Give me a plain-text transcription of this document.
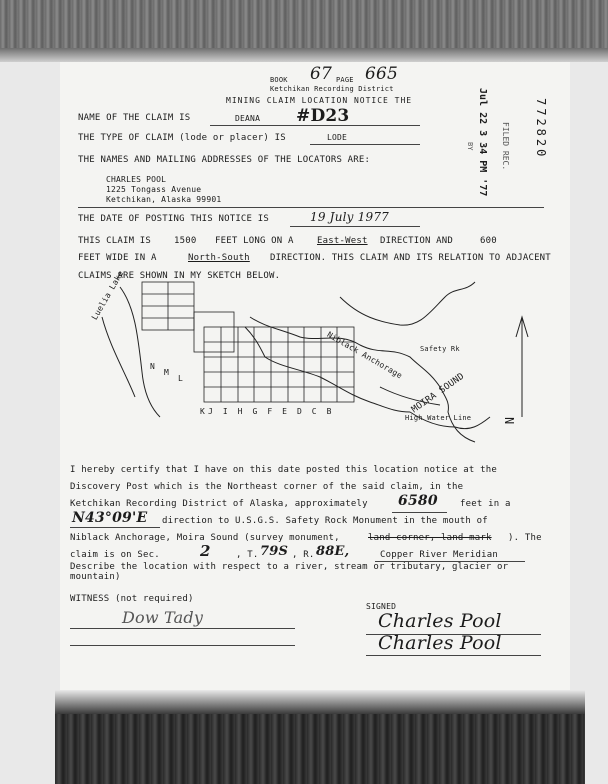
BOOK 67 PAGE 665
Ketchikan Recording District
MINING CLAIM LOCATION NOTICE THE	Jul 22 3 34 PM '77 FILED REC.
BY	772820
NAME OF THE CLAIM IS	DEANA #D23
THE TYPE OF CLAIM (lode or placer) IS	LODE
THE NAMES AND MAILING ADDRESSES OF THE LOCATORS ARE:
CHARLES POOL
1225 Tongass Avenue
Ketchikan, Alaska 99901
THE DATE OF POSTING THIS NOTICE IS	19 July 1977
THIS CLAIM IS	1500 FEET LONG ON A	East-West DIRECTION AND	600
FEET WIDE IN A	North-South DIRECTION. THIS CLAIM AND ITS RELATION TO ADJACENT
CLAIMS ARE SHOWN IN MY SKETCH BELOW.
Luelia Lake
Niblack Anchorage Safety Rk
MOIRA SOUND
High Water Line	N
J I H G F E D C B
N
M
L
K
I hereby certify that I have on this date posted this location notice at the
Discovery Post which is the Northeast corner of the said claim, in the
Ketchikan Recording District of Alaska, approximately 6580 feet in a
N43°09'E direction to U.S.G.S. Safety Rock Monument in the mouth of
Niblack Anchorage, Moira Sound (survey monument,	land corner, land mark ). The
claim is on Sec.	2	, T. 79S , R. 88E,	Copper River Meridian
Describe the location with respect to a river, stream or tributary, glacier or
mountain)
WITNESS (not required)
Dow Tady
SIGNED
Charles Pool
Charles Pool
